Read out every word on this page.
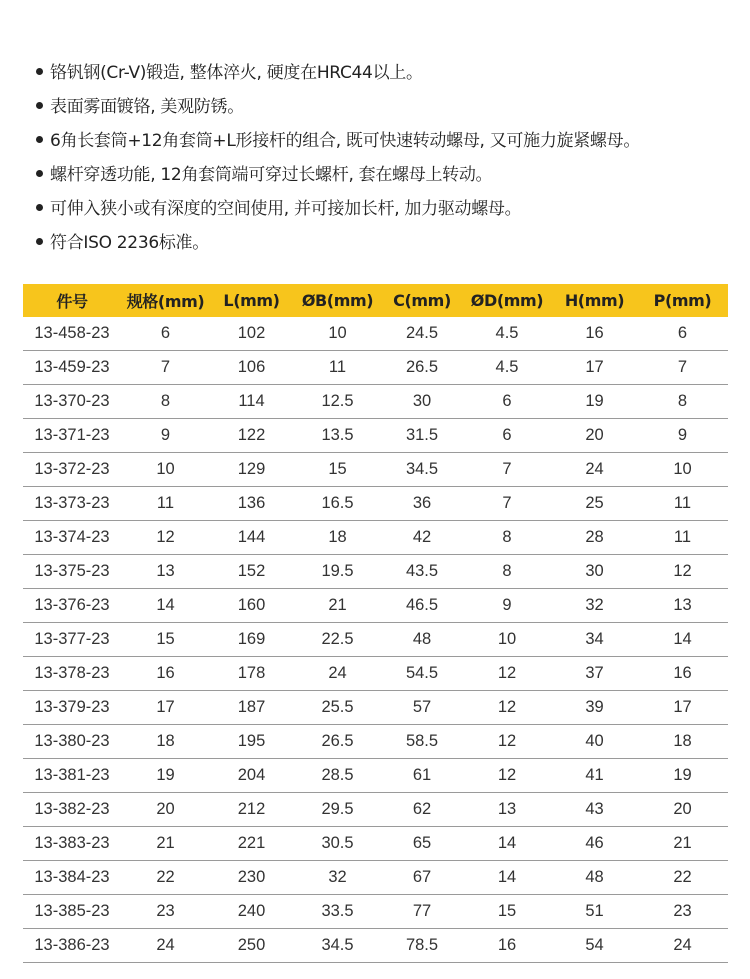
铬钒钢(Cr-V)锻造, 整体淬火, 硬度在HRC44以上。
表面雾面镀铬, 美观防锈。
6角长套筒+12角套筒+L形接杆的组合, 既可快速转动螺母, 又可施力旋紧螺母。
螺杆穿透功能, 12角套筒端可穿过长螺杆, 套在螺母上转动。
可伸入狭小或有深度的空间使用, 并可接加长杆, 加力驱动螺母。
符合ISO 2236标准。
件号	规格(mm)	L(mm)	ØB(mm)	C(mm)	ØD(mm)	H(mm)	P(mm)
13-458-23	6	102	10	24.5	4.5	16	6
13-459-23	7	106	11	26.5	4.5	17	7
13-370-23	8	114	12.5	30	6	19	8
13-371-23	9	122	13.5	31.5	6	20	9
13-372-23	10	129	15	34.5	7	24	10
13-373-23	11	136	16.5	36	7	25	11
13-374-23	12	144	18	42	8	28	11
13-375-23	13	152	19.5	43.5	8	30	12
13-376-23	14	160	21	46.5	9	32	13
13-377-23	15	169	22.5	48	10	34	14
13-378-23	16	178	24	54.5	12	37	16
13-379-23	17	187	25.5	57	12	39	17
13-380-23	18	195	26.5	58.5	12	40	18
13-381-23	19	204	28.5	61	12	41	19
13-382-23	20	212	29.5	62	13	43	20
13-383-23	21	221	30.5	65	14	46	21
13-384-23	22	230	32	67	14	48	22
13-385-23	23	240	33.5	77	15	51	23
13-386-23	24	250	34.5	78.5	16	54	24
